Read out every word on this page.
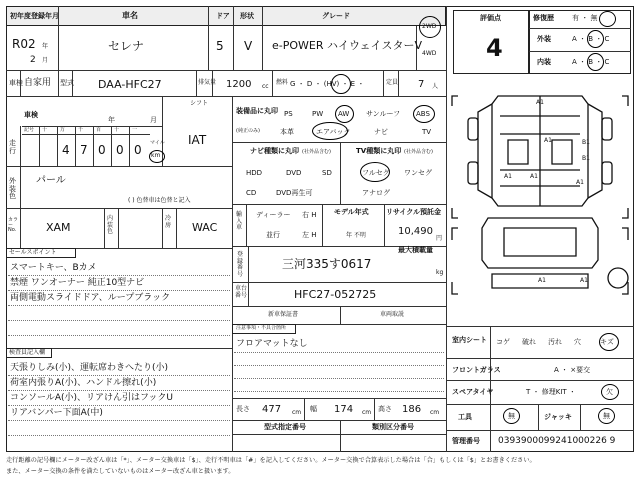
初年度登録年月	車名	ドア 形状	グレード
R02 年
2 月
セレナ	5 V e-POWER ハイウェイスターV
2WD
4WD
車検 自家用 型式 DAA-HFC27	排気量 1200 cc
燃料 G ・ D ・ (HV) ・ E ・	定員 7 人
車検
年	月
シフト
IAT
走行
記号 十	万	千	百	十	一
4 7 0 0 0 マイル
km
外装色
パール
( ) 色替車は色替と記入
カラー No.	XAM
内装色
冷房 WAC
セールスポイント
スマートキー、Bカメ
禁煙 ワンオーナー 純正10型ナビ
両側電動スライドドア、ループブラック
検査員記入欄
天張りしみ(小)、運転席わきへたり(小)
荷室内張りA(小)、ハンドル擦れ(小)
コンソールA(小)、リアけん引はフックU
リアバンパー下面A(中)
装備品に丸印
(純正のみ)
PS	PW AW サンルーフ ABS
本革	エアバック	ナビ	TV
ナビ種類に丸印 (社外品含む)	TV種類に丸印 (社外品含む)
HDD	DVD	SD
CD	DVD再生可
フルセグ ワンセグ
アナログ
輸入車
ディーラー
並行
右 H
左 H
モデル年式
年 不明
リサイクル預託金
10,490
円
登録番号
最大積載量
三河335す0617
kg
車台番号	HFC27-052725
新車保証書	車両取説
注意事項・不具合箇所
フロアマットなし
長さ 477 cm 幅 174 cm 高さ 186 cm
型式指定番号	類別区分番号
評価点
4
修復歴	有 ・ 無
外装	A ・ B ・ C
内装	A ・ B ・ C
A1
A1	B1
B1
A1	A1
A1
A1	A1
室内シート コゲ 破れ 汚れ 穴	キズ
フロントガラス	A ・ ×要交
スペアタイヤ	T ・ 修理KIT ・	欠
工具	無	ジャッキ	無
管理番号 0393900099241000226 9
走行距離の記号欄にメーター改ざん車は「*」、メーター交換車は「$」、走行不明車は「#」を記入してください。メーター交換で合算表示した場合は「合」もしくは「$」とお書きください。
また、メーター交換の条件を満たしていないものはメーター改ざん車と扱います。
